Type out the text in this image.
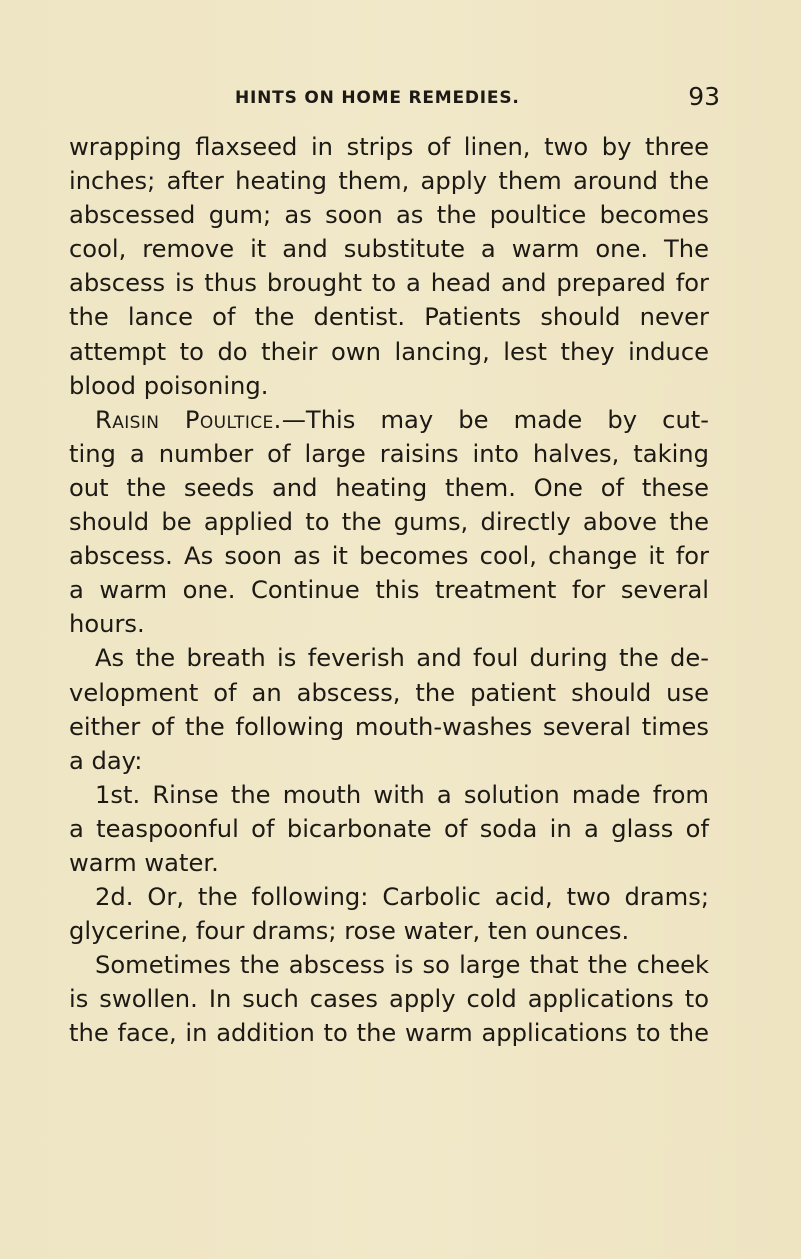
HINTS ON HOME REMEDIES.	93
wrapping flaxseed in strips of linen, two by three
inches; after heating them, apply them around the
abscessed gum; as soon as the poultice becomes
cool, remove it and substitute a warm one. The
abscess is thus brought to a head and prepared for
the lance of the dentist. Patients should never
attempt to do their own lancing, lest they induce
blood poisoning.
Raisin Poultice.—This may be made by cut-
ting a number of large raisins into halves, taking
out the seeds and heating them. One of these
should be applied to the gums, directly above the
abscess. As soon as it becomes cool, change it for
a warm one. Continue this treatment for several
hours.
As the breath is feverish and foul during the de-
velopment of an abscess, the patient should use
either of the following mouth-washes several times
a day:
1st. Rinse the mouth with a solution made from
a teaspoonful of bicarbonate of soda in a glass of
warm water.
2d. Or, the following: Carbolic acid, two drams;
glycerine, four drams; rose water, ten ounces.
Sometimes the abscess is so large that the cheek
is swollen. In such cases apply cold applications to
the face, in addition to the warm applications to the
